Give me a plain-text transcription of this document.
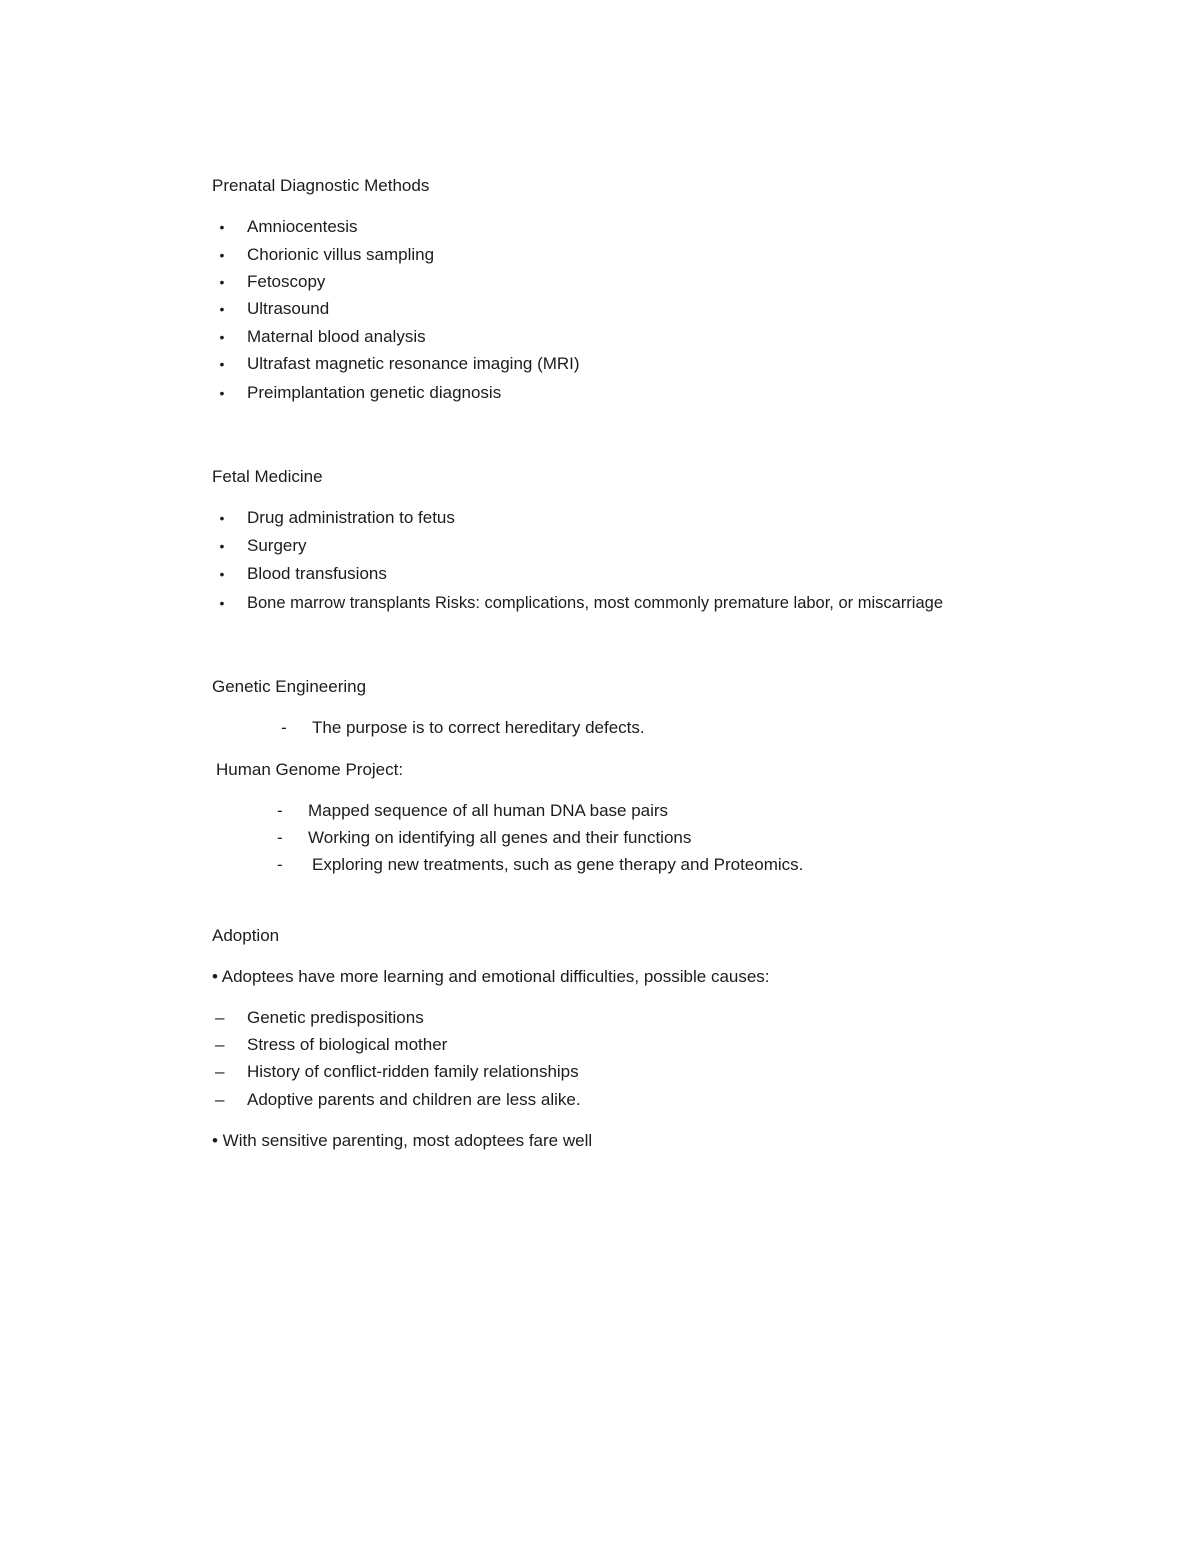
Prenatal Diagnostic Methods
• Amniocentesis
• Chorionic villus sampling
• Fetoscopy
• Ultrasound
• Maternal blood analysis
• Ultrafast magnetic resonance imaging (MRI)
• Preimplantation genetic diagnosis
Fetal Medicine
• Drug administration to fetus
• Surgery
• Blood transfusions
• Bone marrow transplants Risks: complications, most commonly premature labor, or miscarriage
Genetic Engineering
- The purpose is to correct hereditary defects.
Human Genome Project:
- Mapped sequence of all human DNA base pairs
- Working on identifying all genes and their functions
- Exploring new treatments, such as gene therapy and Proteomics.
Adoption
• Adoptees have more learning and emotional difficulties, possible causes:
– Genetic predispositions
– Stress of biological mother
– History of conflict-ridden family relationships
– Adoptive parents and children are less alike.
• With sensitive parenting, most adoptees fare well
